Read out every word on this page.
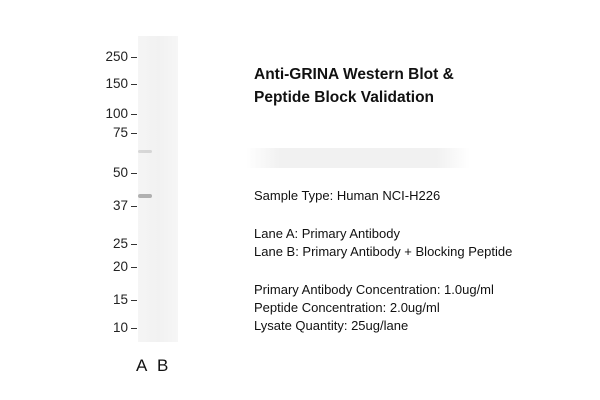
250
150
100
75
50
37
25
20
15
10
A B
Anti-GRINA Western Blot &
Peptide Block Validation
Sample Type: Human NCI-H226
Lane A: Primary Antibody
Lane B: Primary Antibody + Blocking Peptide
Primary Antibody Concentration: 1.0ug/ml
Peptide Concentration: 2.0ug/ml
Lysate Quantity: 25ug/lane
